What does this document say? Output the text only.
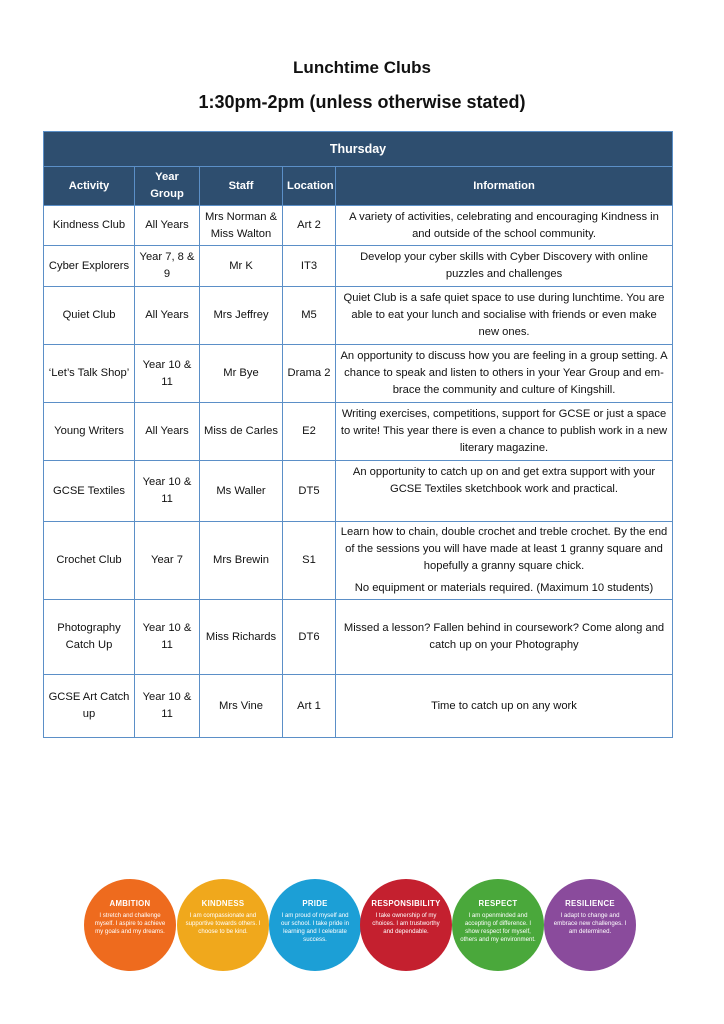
Lunchtime Clubs
1:30pm-2pm (unless otherwise stated)
Thursday				
Activity	Year Group	Staff	Location	Information
Kindness Club	All Years	Mrs Norman & Miss Walton	Art 2	A variety of activities, celebrating and encouraging Kindness in and outside of the school community.

Cyber Explorers	Year 7, 8 & 9	Mr K	IT3	Develop your cyber skills with Cyber Discovery with online puzzles and challenges

Quiet Club	All Years	Mrs Jeffrey	M5	Quiet Club is a safe quiet space to use during lunchtime. You are able to eat your lunch and socialise with friends or even make new ones.

‘Let’s Talk Shop’	Year 10 & 11	Mr Bye	Drama 2	An opportunity to discuss how you are feeling in a group setting. A chance to speak and listen to others in your Year Group and em-brace the community and culture of Kingshill.

Young Writers	All Years	Miss de Carles	E2	Writing exercises, competitions, support for GCSE or just a space to write! This year there is even a chance to publish work in a new literary magazine.

GCSE Textiles	Year 10 & 11	Ms Waller	DT5	An opportunity to catch up on and get extra support with your GCSE Textiles sketchbook work and practical.

Crochet Club	Year 7	Mrs Brewin	S1	Learn how to chain, double crochet and treble crochet. By the end of the sessions you will have made at least 1 granny square and hopefully a granny square chick.

No equipment or materials required. (Maximum 10 students)

Photography Catch Up	Year 10 & 11	Miss Richards	DT6	Missed a lesson? Fallen behind in coursework? Come along and catch up on your Photography

GCSE Art Catch up	Year 10 & 11	Mrs Vine	Art 1	Time to catch up on any work

AMBITION
I stretch and challenge myself. I aspire to achieve my goals and my dreams.
KINDNESS
I am compassionate and supportive towards others. I choose to be kind.
PRIDE
I am proud of myself and our school. I take pride in learning and I celebrate success.
RESPONSIBILITY
I take ownership of my choices. I am trustworthy and dependable.
RESPECT
I am openminded and accepting of difference. I show respect for myself, others and my environment.
RESILIENCE
I adapt to change and embrace new challenges. I am determined.
